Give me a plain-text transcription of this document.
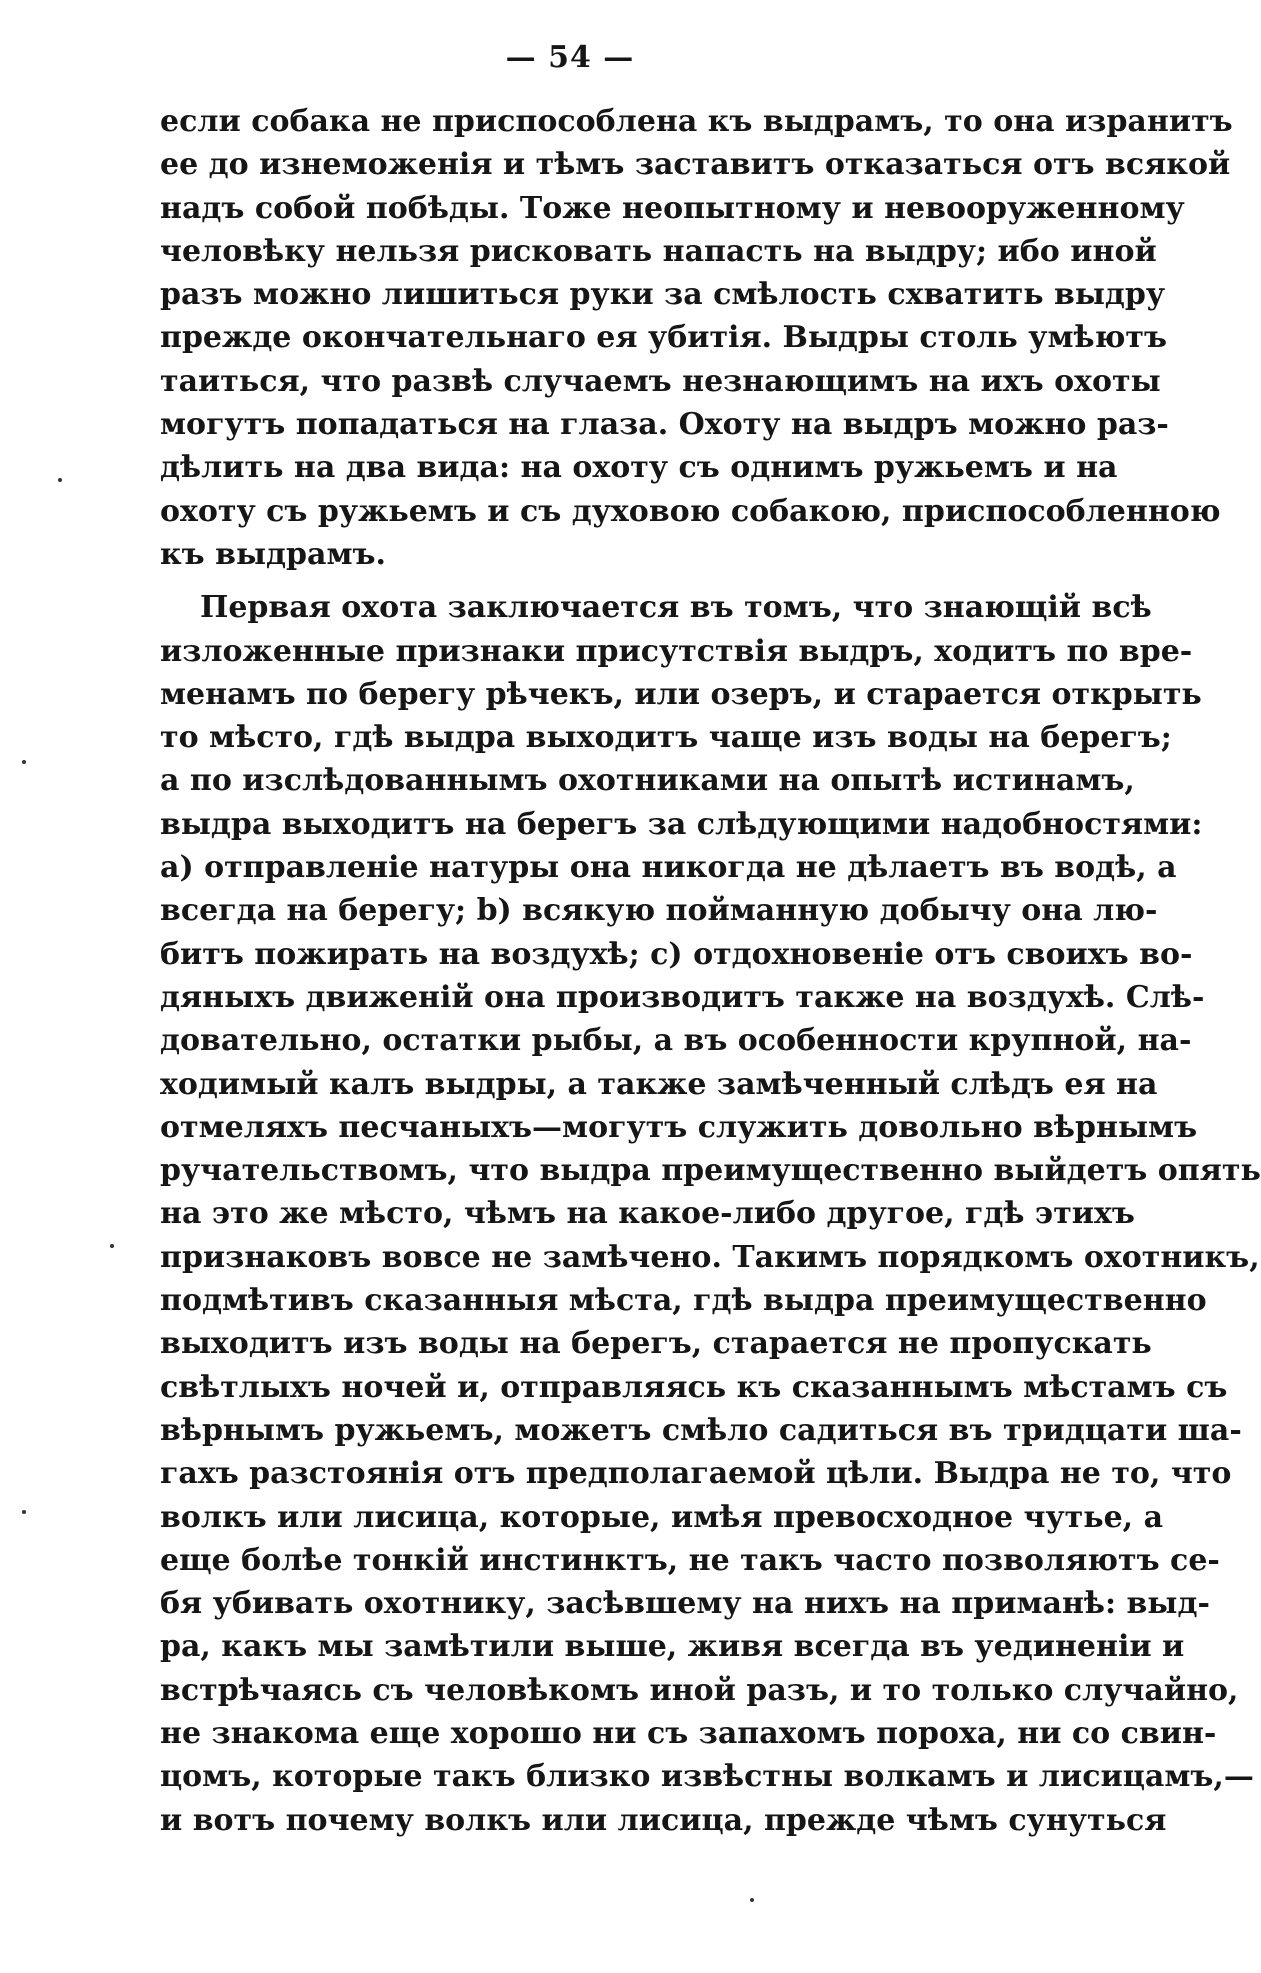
— 54 —
если собака не приспособлена къ выдрамъ, то она изранитъ
ее до изнеможенія и тѣмъ заставитъ отказаться отъ всякой
надъ собой побѣды. Тоже неопытному и невооруженному
человѣку нельзя рисковать напасть на выдру; ибо иной
разъ можно лишиться руки за смѣлость схватить выдру
прежде окончательнаго ея убитія. Выдры столь умѣютъ
таиться, что развѣ случаемъ незнающимъ на ихъ охоты
могутъ попадаться на глаза. Охоту на выдръ можно раз-
дѣлить на два вида: на охоту съ однимъ ружьемъ и на
охоту съ ружьемъ и съ духовою собакою, приспособленною
къ выдрамъ.
Первая охота заключается въ томъ, что знающій всѣ
изложенные признаки присутствія выдръ, ходитъ по вре-
менамъ по берегу рѣчекъ, или озеръ, и старается открыть
то мѣсто, гдѣ выдра выходитъ чаще изъ воды на берегъ;
а по изслѣдованнымъ охотниками на опытѣ истинамъ,
выдра выходитъ на берегъ за слѣдующими надобностями:
а) отправленіе натуры она никогда не дѣлаетъ въ водѣ, а
всегда на берегу; b) всякую пойманную добычу она лю-
битъ пожирать на воздухѣ; c) отдохновеніе отъ своихъ во-
дяныхъ движеній она производитъ также на воздухѣ. Слѣ-
довательно, остатки рыбы, а въ особенности крупной, на-
ходимый калъ выдры, а также замѣченный слѣдъ ея на
отмеляхъ песчаныхъ—могутъ служить довольно вѣрнымъ
ручательствомъ, что выдра преимущественно выйдетъ опять
на это же мѣсто, чѣмъ на какое-либо другое, гдѣ этихъ
признаковъ вовсе не замѣчено. Такимъ порядкомъ охотникъ,
подмѣтивъ сказанныя мѣста, гдѣ выдра преимущественно
выходитъ изъ воды на берегъ, старается не пропускать
свѣтлыхъ ночей и, отправляясь къ сказаннымъ мѣстамъ съ
вѣрнымъ ружьемъ, можетъ смѣло садиться въ тридцати ша-
гахъ разстоянія отъ предполагаемой цѣли. Выдра не то, что
волкъ или лисица, которые, имѣя превосходное чутье, а
еще болѣе тонкій инстинктъ, не такъ часто позволяютъ се-
бя убивать охотнику, засѣвшему на нихъ на приманѣ: выд-
ра, какъ мы замѣтили выше, живя всегда въ уединеніи и
встрѣчаясь съ человѣкомъ иной разъ, и то только случайно,
не знакома еще хорошо ни съ запахомъ пороха, ни со свин-
цомъ, которые такъ близко извѣстны волкамъ и лисицамъ,—
и вотъ почему волкъ или лисица, прежде чѣмъ сунуться
